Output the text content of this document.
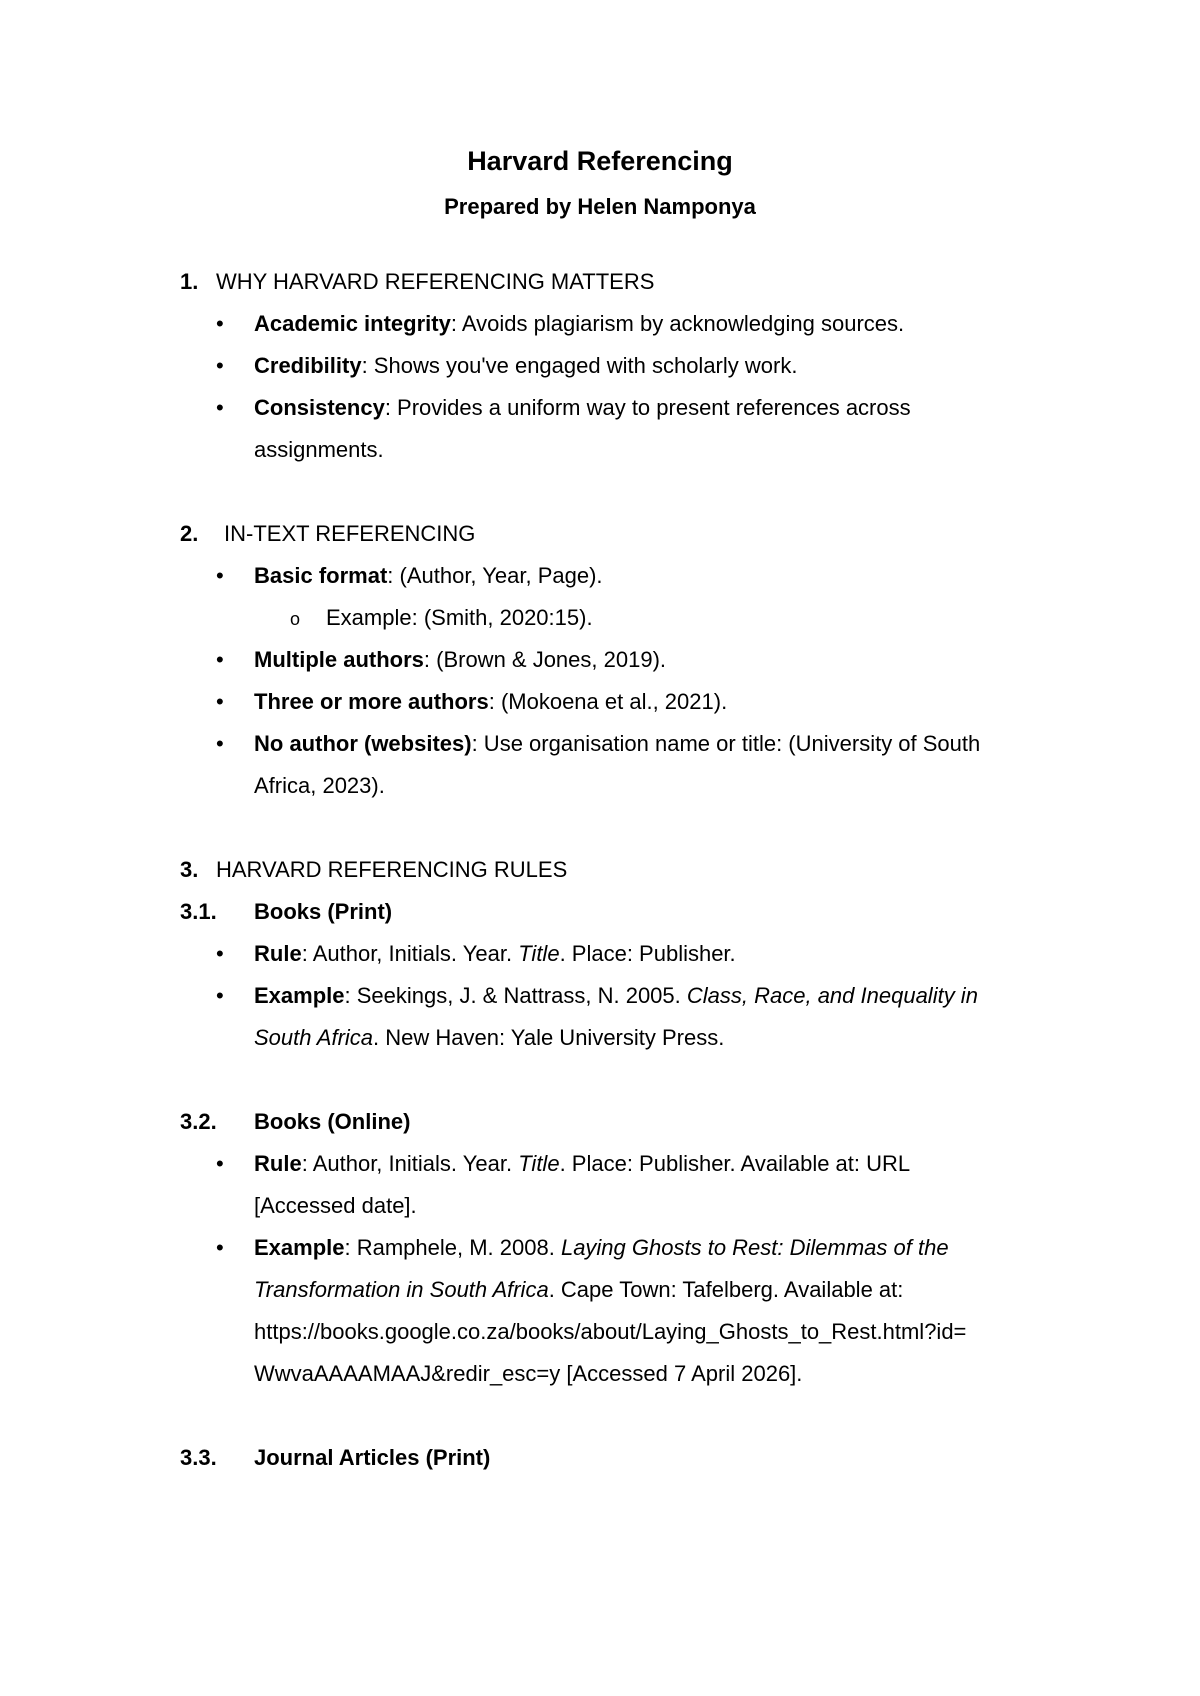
Harvard Referencing
Prepared by Helen Namponya
1. WHY HARVARD REFERENCING MATTERS
• Academic integrity: Avoids plagiarism by acknowledging sources.
• Credibility: Shows you've engaged with scholarly work.
• Consistency: Provides a uniform way to present references across
assignments.
2. IN-TEXT REFERENCING
• Basic format: (Author, Year, Page).
o Example: (Smith, 2020:15).
• Multiple authors: (Brown & Jones, 2019).
• Three or more authors: (Mokoena et al., 2021).
• No author (websites): Use organisation name or title: (University of South
Africa, 2023).
3. HARVARD REFERENCING RULES
3.1. Books (Print)
• Rule: Author, Initials. Year. Title. Place: Publisher.
• Example: Seekings, J. & Nattrass, N. 2005. Class, Race, and Inequality in
South Africa. New Haven: Yale University Press.
3.2. Books (Online)
• Rule: Author, Initials. Year. Title. Place: Publisher. Available at: URL
[Accessed date].
• Example: Ramphele, M. 2008. Laying Ghosts to Rest: Dilemmas of the
Transformation in South Africa. Cape Town: Tafelberg. Available at:
https://books.google.co.za/books/about/Laying_Ghosts_to_Rest.html?id=
WwvaAAAAMAAJ&redir_esc=y [Accessed 7 April 2026].
3.3. Journal Articles (Print)
